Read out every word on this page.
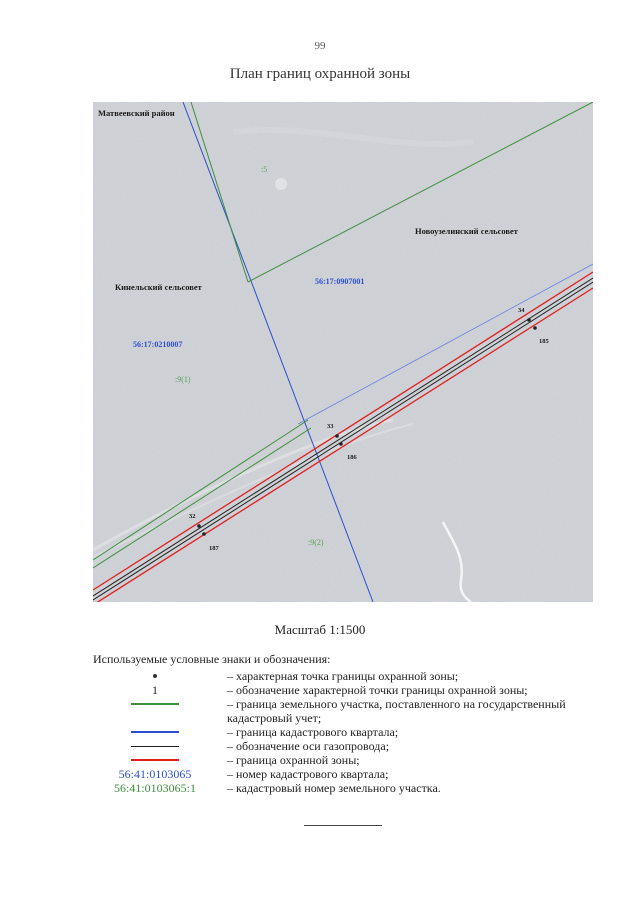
99
План границ охранной зоны
Матвеевский район
Новоузелинский сельсовет
Кинельский сельсовет
56:17:0907001
56:17:0210007
:5
:9(1)
:9(2)
32
187
33
186
34
185
Масштаб 1:1500
Используемые условные знаки и обозначения:
– характерная точка границы охранной зоны;
1	– обозначение характерной точки границы охранной зоны;
– граница земельного участка, поставленного на государственный
кадастровый учет;
– граница кадастрового квартала;
– обозначение оси газопровода;
– граница охранной зоны;
56:41:0103065	– номер кадастрового квартала;
56:41:0103065:1	– кадастровый номер земельного участка.
